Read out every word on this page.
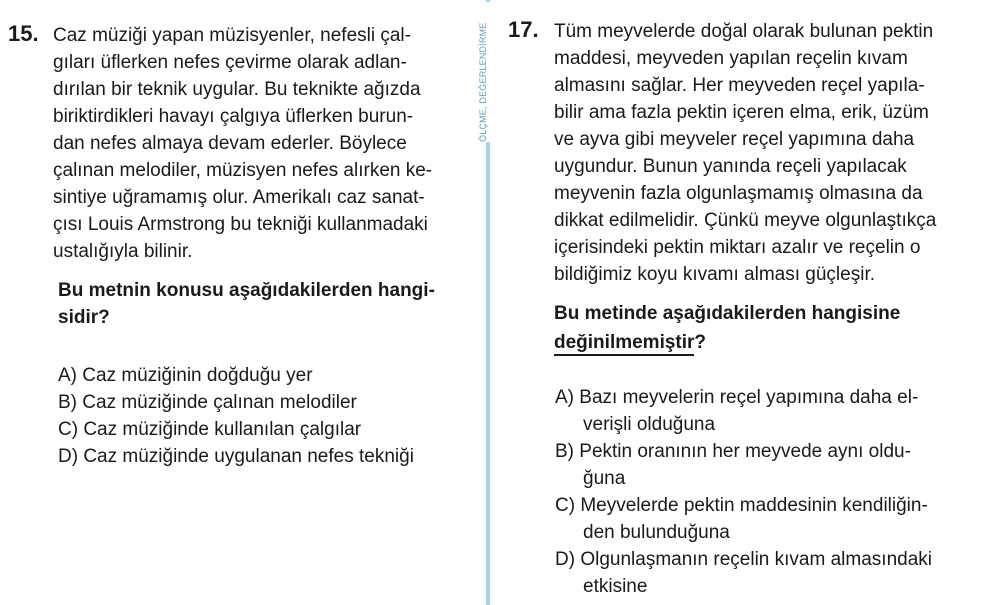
ÖLÇME, DEĞERLENDİRME
15. Caz müziği yapan müzisyenler, nefesli çal-
gıları üflerken nefes çevirme olarak adlan-
dırılan bir teknik uygular. Bu teknikte ağızda
biriktirdikleri havayı çalgıya üflerken burun-
dan nefes almaya devam ederler. Böylece
çalınan melodiler, müzisyen nefes alırken ke-
sintiye uğramamış olur. Amerikalı caz sanat-
çısı Louis Armstrong bu tekniği kullanmadaki
ustalığıyla bilinir.
Bu metnin konusu aşağıdakilerden hangi-
sidir?
A) Caz müziğinin doğduğu yer
B) Caz müziğinde çalınan melodiler
C) Caz müziğinde kullanılan çalgılar
D) Caz müziğinde uygulanan nefes tekniği
17. Tüm meyvelerde doğal olarak bulunan pektin
maddesi, meyveden yapılan reçelin kıvam
almasını sağlar. Her meyveden reçel yapıla-
bilir ama fazla pektin içeren elma, erik, üzüm
ve ayva gibi meyveler reçel yapımına daha
uygundur. Bunun yanında reçeli yapılacak
meyvenin fazla olgunlaşmamış olmasına da
dikkat edilmelidir. Çünkü meyve olgunlaştıkça
içerisindeki pektin miktarı azalır ve reçelin o
bildiğimiz koyu kıvamı alması güçleşir.
Bu metinde aşağıdakilerden hangisine
değinilmemiştir?
A) Bazı meyvelerin reçel yapımına daha el-
verişli olduğuna
B) Pektin oranının her meyvede aynı oldu-
ğuna
C) Meyvelerde pektin maddesinin kendiliğin-
den bulunduğuna
D) Olgunlaşmanın reçelin kıvam almasındaki
etkisine
